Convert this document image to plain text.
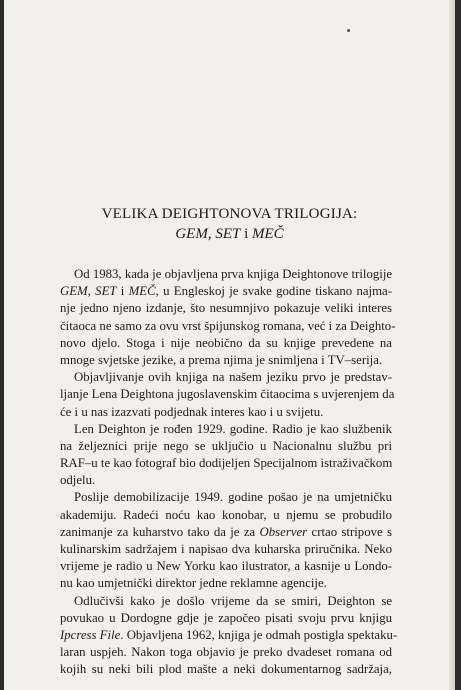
VELIKA DEIGHTONOVA TRILOGIJA:
GEM, SET i MEČ
Od 1983, kada je objavljena prva knjiga Deightonove trilogije
GEM, SET i MEČ, u Engleskoj je svake godine tiskano najma-
nje jedno njeno izdanje, što nesumnjivo pokazuje veliki interes
čitaoca ne samo za ovu vrst špijunskog romana, već i za Deighto-
novo djelo. Stoga i nije neobično da su knjige prevedene na
mnoge svjetske jezike, a prema njima je snimljena i TV–serija.
Objavljivanje ovih knjiga na našem jeziku prvo je predstav-
ljanje Lena Deightona jugoslavenskim čitaocima s uvjerenjem da
će i u nas izazvati podjednak interes kao i u svijetu.
Len Deighton je rođen 1929. godine. Radio je kao službenik
na željeznici prije nego se uključio u Nacionalnu službu pri
RAF–u te kao fotograf bio dodijeljen Specijalnom istraživačkom
odjelu.
Poslije demobilizacije 1949. godine pošao je na umjetničku
akademiju. Radeći noću kao konobar, u njemu se probudilo
zanimanje za kuharstvo tako da je za Observer crtao stripove s
kulinarskim sadržajem i napisao dva kuharska priručnika. Neko
vrijeme je radio u New Yorku kao ilustrator, a kasnije u Londo-
nu kao umjetnički direktor jedne reklamne agencije.
Odlučivši kako je došlo vrijeme da se smiri, Deighton se
povukao u Dordogne gdje je započeo pisati svoju prvu knjigu
Ipcress File. Objavljena 1962, knjiga je odmah postigla spektaku-
laran uspjeh. Nakon toga objavio je preko dvadeset romana od
kojih su neki bili plod mašte a neki dokumentarnog sadržaja,
